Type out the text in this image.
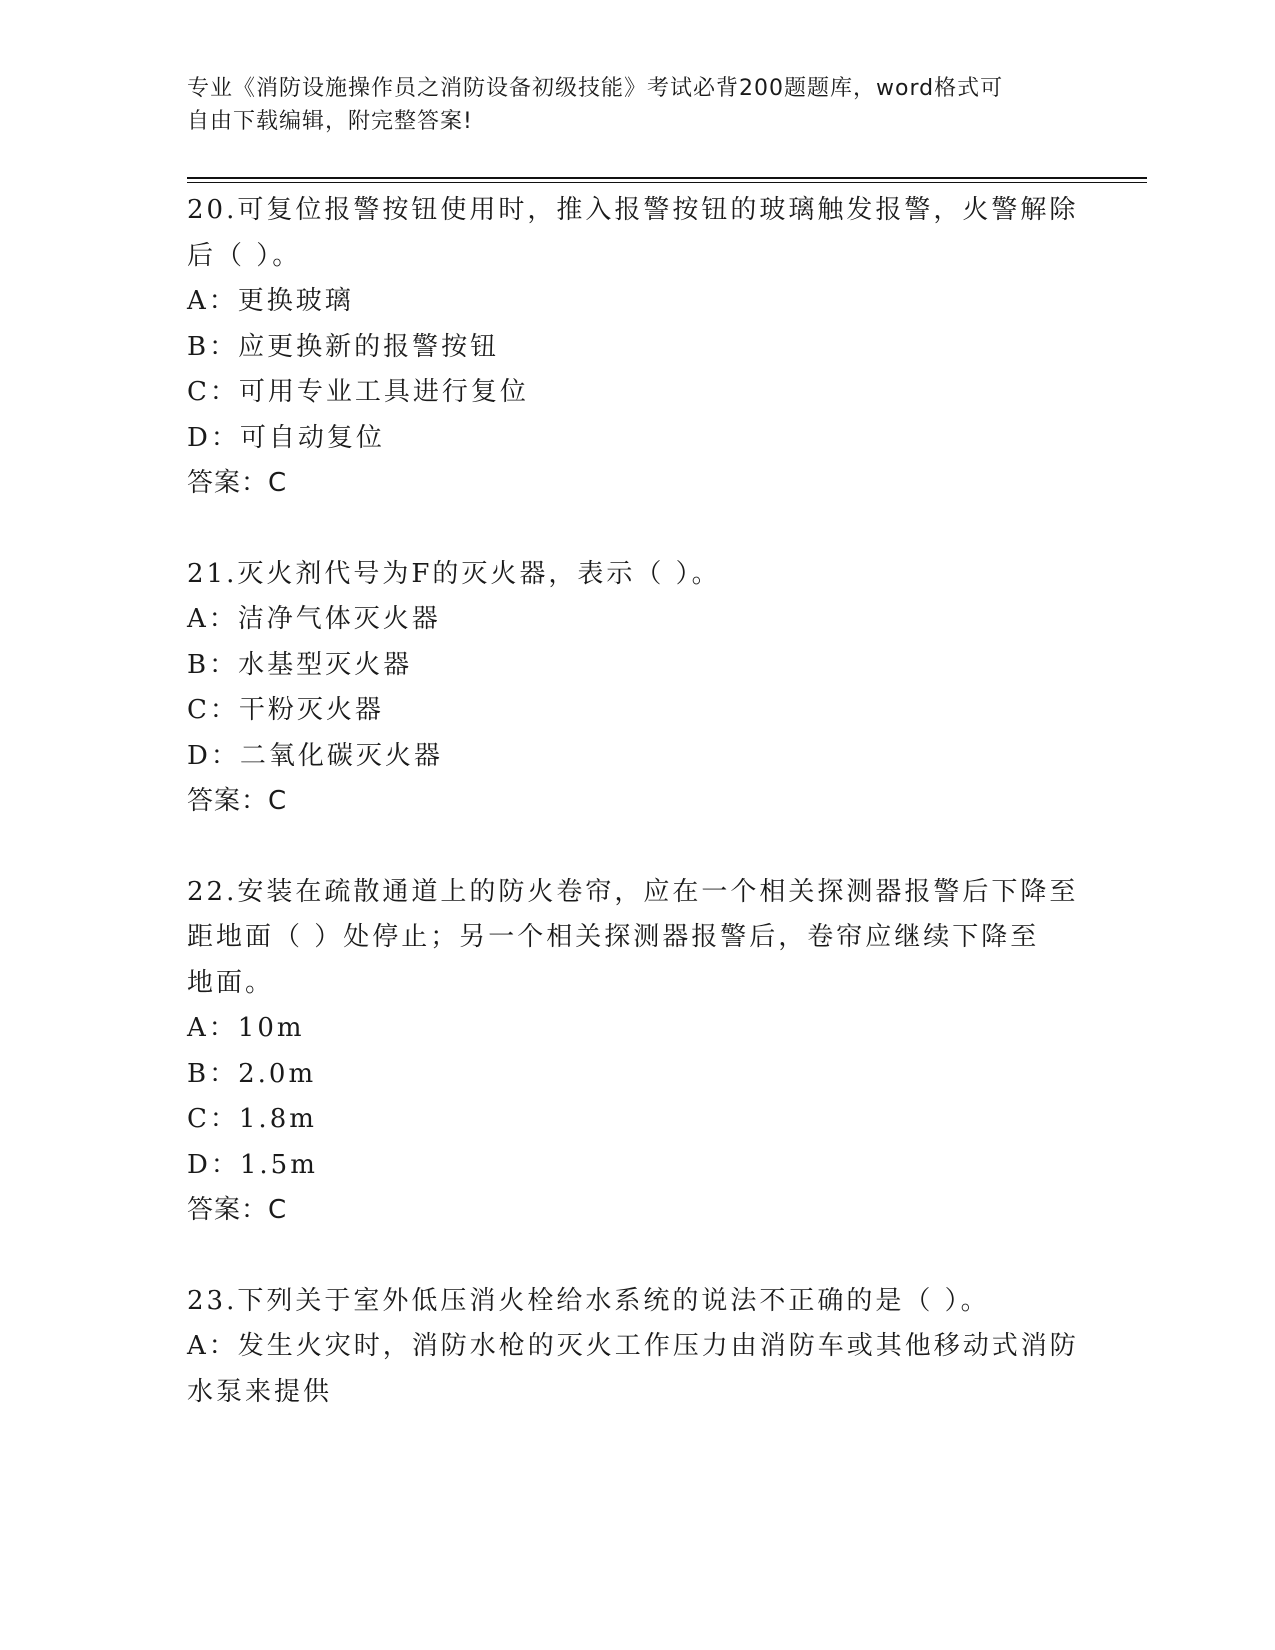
专业《消防设施操作员之消防设备初级技能》考试必背200题题库，word格式可
自由下载编辑，附完整答案!

20.可复位报警按钮使用时，推入报警按钮的玻璃触发报警，火警解除

后（ ）。

A：更换玻璃

B：应更换新的报警按钮

C：可用专业工具进行复位

D：可自动复位

答案：C

21.灭火剂代号为F的灭火器，表示（ ）。

A：洁净气体灭火器

B：水基型灭火器

C：干粉灭火器

D：二氧化碳灭火器

答案：C

22.安装在疏散通道上的防火卷帘，应在一个相关探测器报警后下降至

距地面（ ）处停止；另一个相关探测器报警后，卷帘应继续下降至

地面。

A：10m

B：2.0m

C：1.8m

D：1.5m

答案：C

23.下列关于室外低压消火栓给水系统的说法不正确的是（ ）。

A：发生火灾时，消防水枪的灭火工作压力由消防车或其他移动式消防

水泵来提供
